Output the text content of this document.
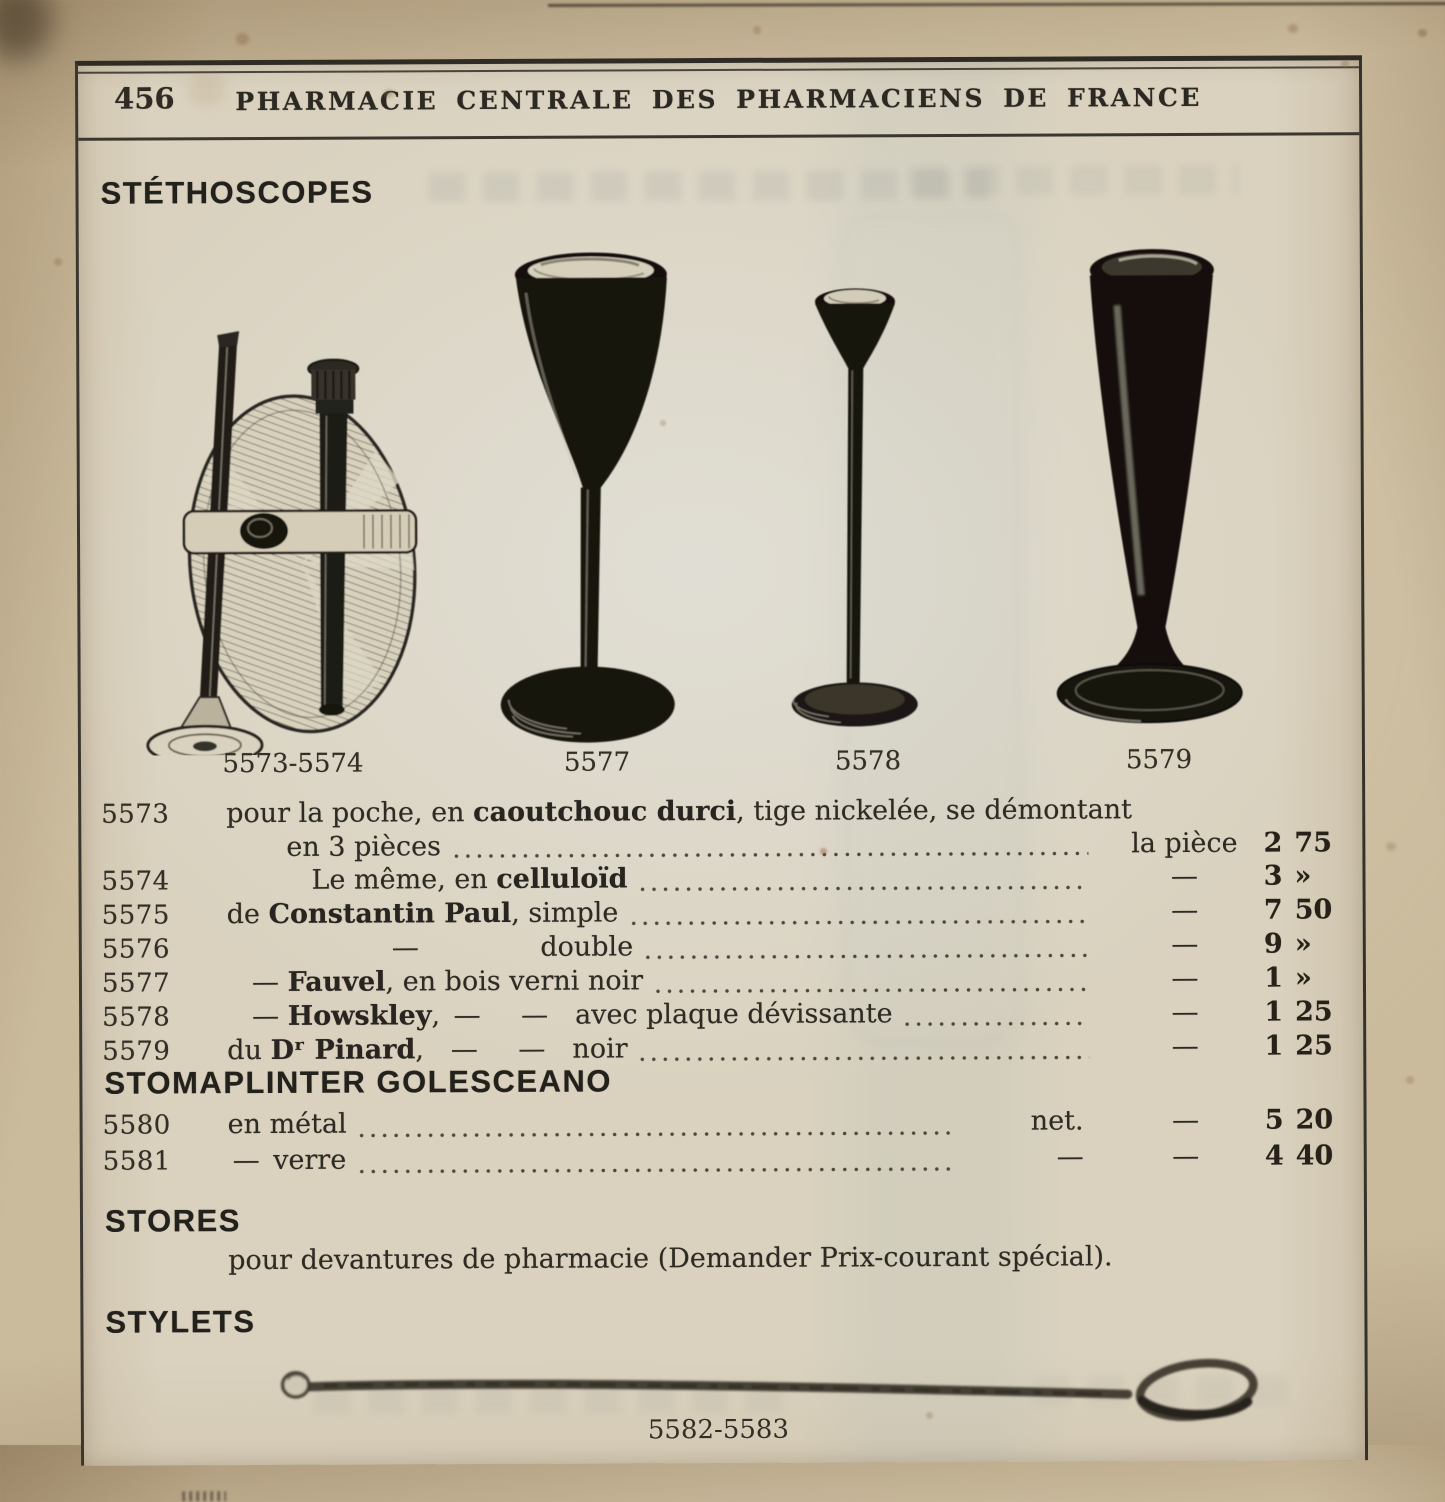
456	PHARMACIE CENTRALE DES PHARMACIENS DE FRANCE
STÉTHOSCOPES
5573-5574	5577	5578	5579
5573	pour la poche, en caoutchouc durci, tige nickelée, se démontant
en 3 pièces	la pièce 2 75
5574	Le même, en celluloïd	—	3 »
5575	de Constantin Paul, simple	—	7 50
5576	—     double	—	9 »
5577	— Fauvel, en bois verni noir	—	1 »
5578	— Howskley, —  — avec plaque dévissante	—	1 25
5579	du Dʳ Pinard, —  — noir	—	1 25
STOMAPLINTER GOLESCEANO
5580	en métal	net.	—	5 20
5581	— verre	—	—	4 40
STORES
pour devantures de pharmacie (Demander Prix-courant spécial).
STYLETS
5582-5583
